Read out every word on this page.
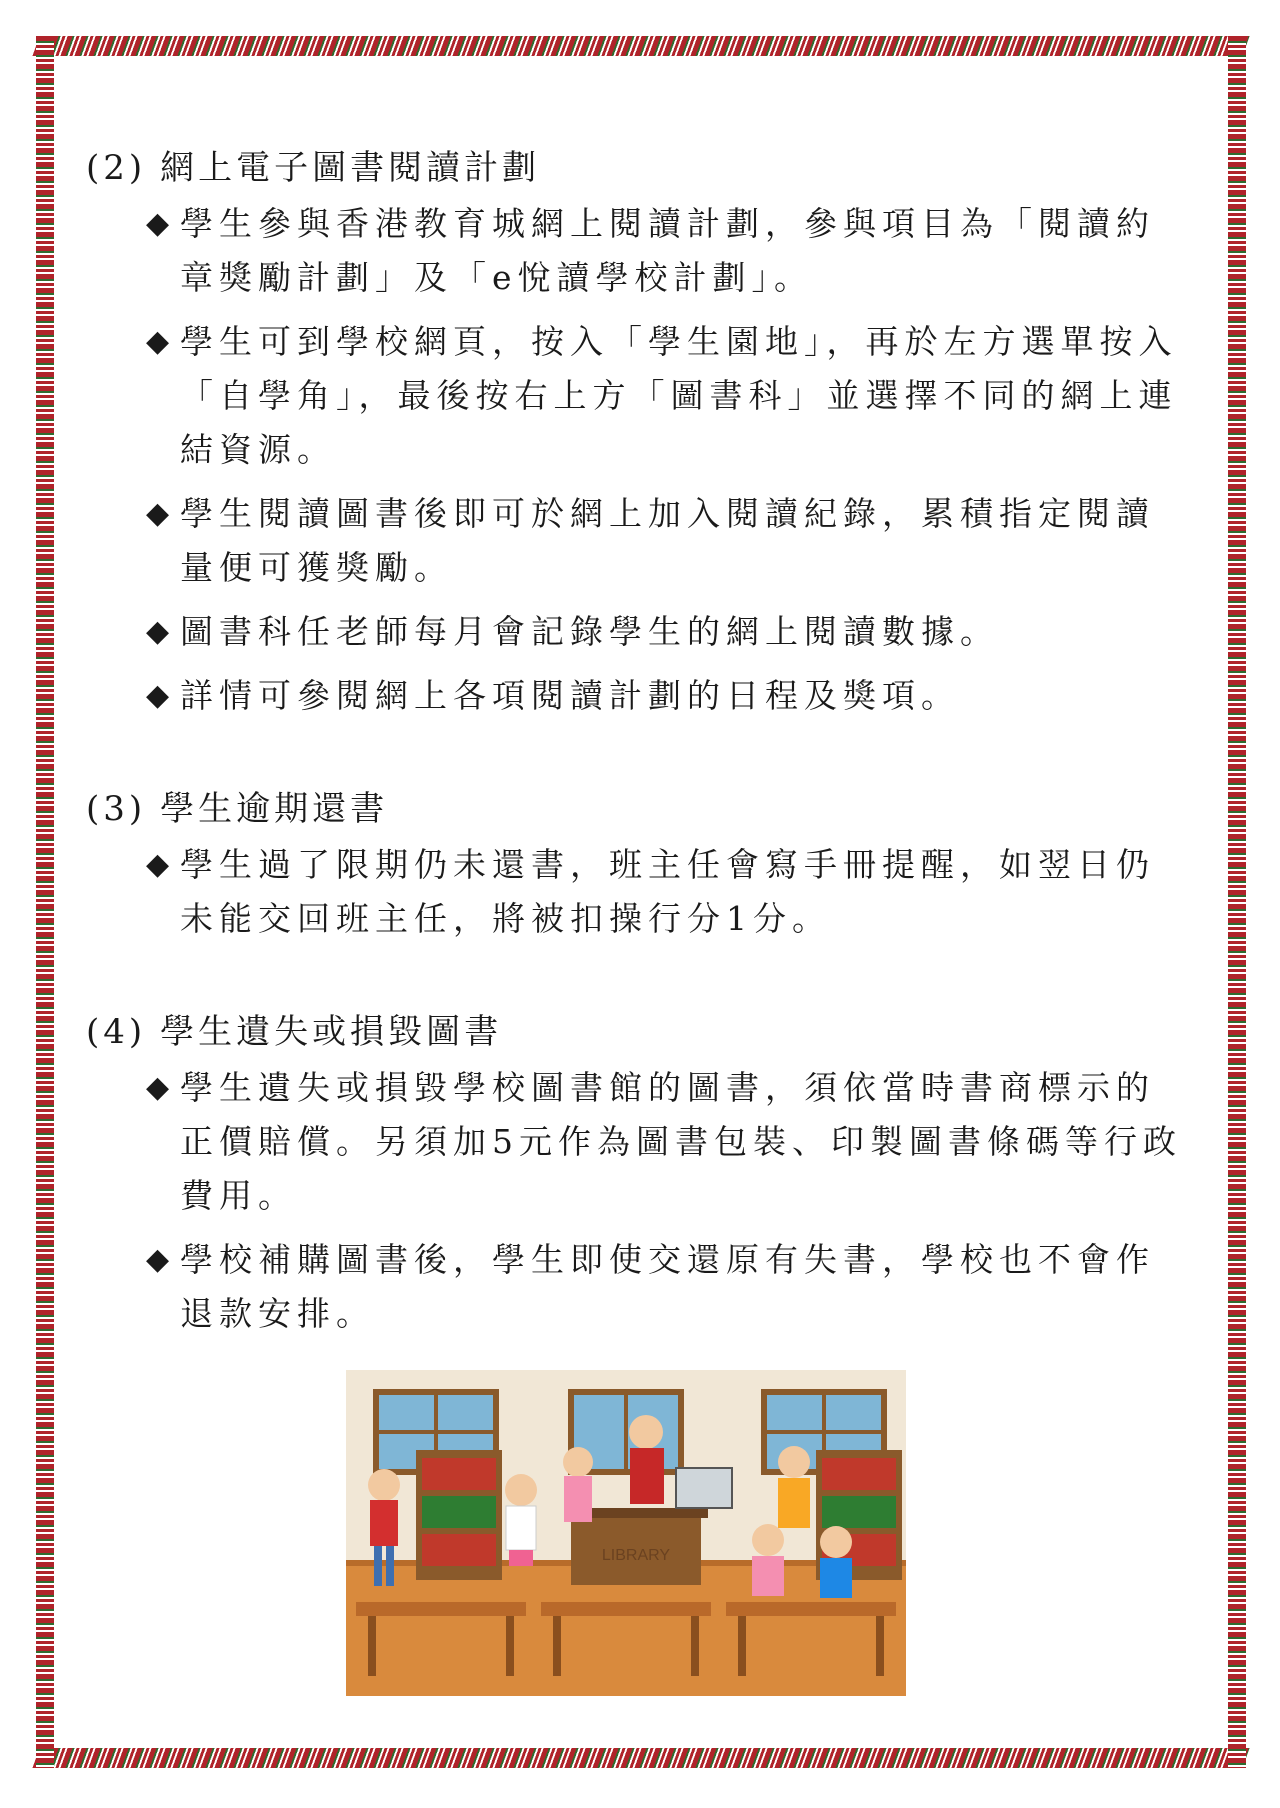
(2) 網上電子圖書閱讀計劃
◆ 學生參與香港教育城網上閱讀計劃，參與項目為「閱讀約章獎勵計劃」及「e悅讀學校計劃」。
◆ 學生可到學校網頁，按入「學生園地」，再於左方選單按入「自學角」，最後按右上方「圖書科」並選擇不同的網上連結資源。
◆ 學生閱讀圖書後即可於網上加入閱讀紀錄，累積指定閱讀量便可獲獎勵。
◆ 圖書科任老師每月會記錄學生的網上閱讀數據。
◆ 詳情可參閱網上各項閱讀計劃的日程及獎項。
(3) 學生逾期還書
◆ 學生過了限期仍未還書，班主任會寫手冊提醒，如翌日仍未能交回班主任，將被扣操行分1分。
(4) 學生遺失或損毀圖書
◆ 學生遺失或損毀學校圖書館的圖書，須依當時書商標示的正價賠償。另須加5元作為圖書包裝、印製圖書條碼等行政費用。
◆ 學校補購圖書後，學生即使交還原有失書，學校也不會作退款安排。
LIBRARY
